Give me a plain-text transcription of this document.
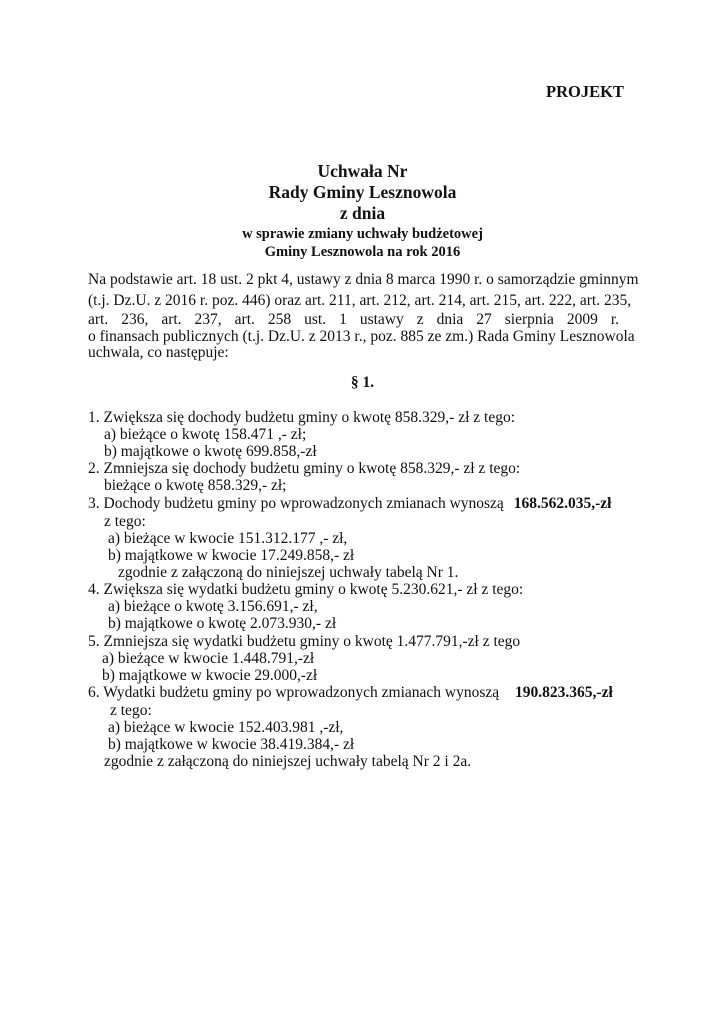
PROJEKT
Uchwała Nr
Rady Gminy Lesznowola
z dnia
w sprawie zmiany uchwały budżetowej
Gminy Lesznowola na rok 2016
Na podstawie art. 18 ust. 2 pkt 4, ustawy z dnia 8 marca 1990 r. o samorządzie gminnym
(t.j. Dz.U. z 2016 r. poz. 446) oraz art. 211, art. 212, art. 214, art. 215, art. 222, art. 235,
art. 236, art. 237, art. 258 ust. 1 ustawy z dnia 27 sierpnia 2009 r.
o finansach publicznych (t.j. Dz.U. z 2013 r., poz. 885 ze zm.) Rada Gminy Lesznowola
uchwala, co następuje:
§ 1.
1. Zwiększa się dochody budżetu gminy o kwotę 858.329,- zł z tego:
a) bieżące o kwotę 158.471 ,- zł;
b) majątkowe o kwotę 699.858,-zł
2. Zmniejsza się dochody budżetu gminy o kwotę 858.329,- zł z tego:
bieżące o kwotę 858.329,- zł;
3. Dochody budżetu gminy po wprowadzonych zmianach wynoszą 168.562.035,-zł
z tego:
a) bieżące w kwocie 151.312.177 ,- zł,
b) majątkowe w kwocie 17.249.858,- zł
zgodnie z załączoną do niniejszej uchwały tabelą Nr 1.
4. Zwiększa się wydatki budżetu gminy o kwotę 5.230.621,- zł z tego:
a) bieżące o kwotę 3.156.691,- zł,
b) majątkowe o kwotę 2.073.930,- zł
5. Zmniejsza się wydatki budżetu gminy o kwotę 1.477.791,-zł z tego
a) bieżące w kwocie 1.448.791,-zł
b) majątkowe w kwocie 29.000,-zł
6. Wydatki budżetu gminy po wprowadzonych zmianach wynoszą 190.823.365,-zł
z tego:
a) bieżące w kwocie 152.403.981 ,-zł,
b) majątkowe w kwocie 38.419.384,- zł
zgodnie z załączoną do niniejszej uchwały tabelą Nr 2 i 2a.
